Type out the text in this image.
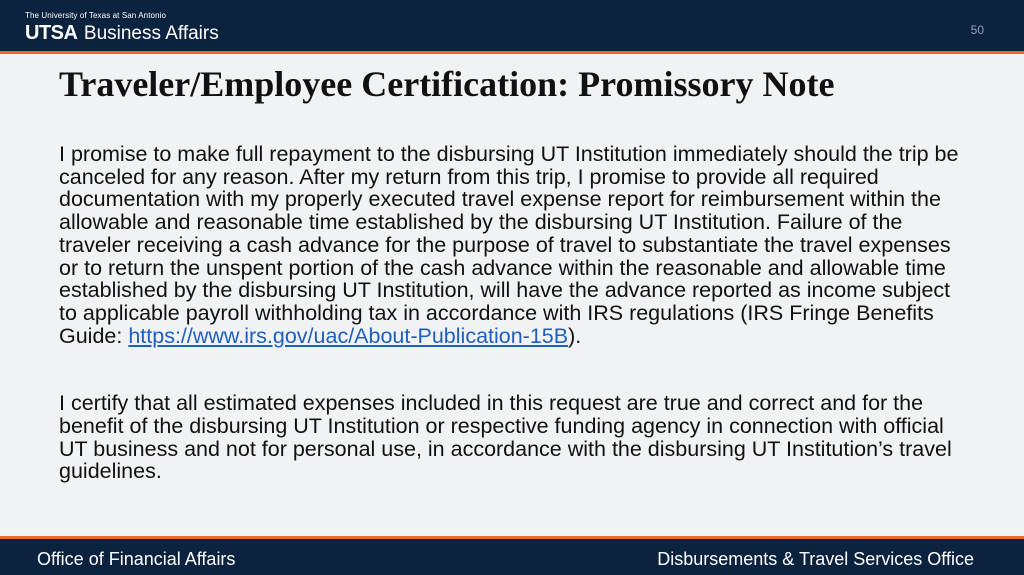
The University of Texas at San Antonio
UTSA Business Affairs	50
Traveler/Employee Certification: Promissory Note

I promise to make full repayment to the disbursing UT Institution immediately should the trip be canceled for any reason. After my return from this trip, I promise to provide all required documentation with my properly executed travel expense report for reimbursement within the allowable and reasonable time established by the disbursing UT Institution. Failure of the traveler receiving a cash advance for the purpose of travel to substantiate the travel expenses or to return the unspent portion of the cash advance within the reasonable and allowable time established by the disbursing UT Institution, will have the advance reported as income subject to applicable payroll withholding tax in accordance with IRS regulations (IRS Fringe Benefits Guide: https://www.irs.gov/uac/About-Publication-15B).

I certify that all estimated expenses included in this request are true and correct and for the benefit of the disbursing UT Institution or respective funding agency in connection with official UT business and not for personal use, in accordance with the disbursing UT Institution’s travel guidelines.

Office of Financial Affairs	Disbursements & Travel Services Office
